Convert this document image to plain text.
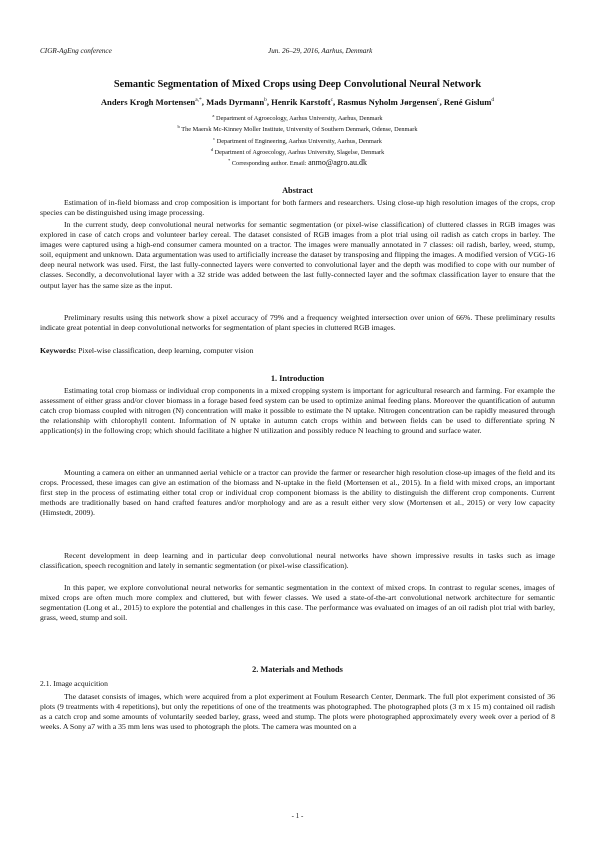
CIGR-AgEng conference	Jun. 26–29, 2016, Aarhus, Denmark
Semantic Segmentation of Mixed Crops using Deep Convolutional Neural Network
Anders Krogh Mortensen$^{a,*}$, Mads Dyrmann$^b$, Henrik Karstoft$^c$, Rasmus Nyholm Jørgensen$^c$, René Gislum$^d$
$^a$ Department of Agroecology, Aarhus University, Aarhus, Denmark
$^b$ The Maersk Mc-Kinney Moller Institute, University of Southern Denmark, Odense, Denmark
$^c$ Department of Engineering, Aarhus University, Aarhus, Denmark
$^d$ Department of Agroecology, Aarhus University, Slagelse, Denmark
* Corresponding author. Email: anmo@agro.au.dk
Abstract

Estimation of in-field biomass and crop composition is important for both farmers and researchers. Using close-up high resolution images of the crops, crop species can be distinguished using image processing.

In the current study, deep convolutional neural networks for semantic segmentation (or pixel-wise classification) of cluttered classes in RGB images was explored in case of catch crops and volunteer barley cereal. The dataset consisted of RGB images from a plot trial using oil radish as catch crops in barley. The images were captured using a high-end consumer camera mounted on a tractor. The images were manually annotated in 7 classes: oil radish, barley, weed, stump, soil, equipment and unknown. Data argumentation was used to artificially increase the dataset by transposing and flipping the images. A modified version of VGG-16 deep neural network was used. First, the last fully-connected layers were converted to convolutional layer and the depth was modified to cope with our number of classes. Secondly, a deconvolutional layer with a 32 stride was added between the last fully-connected layer and the softmax classification layer to ensure that the output layer has the same size as the input.

Preliminary results using this network show a pixel accuracy of 79% and a frequency weighted intersection over union of 66%. These preliminary results indicate great potential in deep convolutional networks for segmentation of plant species in cluttered RGB images.

Keywords: Pixel-wise classification, deep learning, computer vision
1. Introduction

Estimating total crop biomass or individual crop components in a mixed cropping system is important for agricultural research and farming. For example the assessment of either grass and/or clover biomass in a forage based feed system can be used to optimize animal feeding plans. Moreover the quantification of autumn catch crop biomass coupled with nitrogen (N) concentration will make it possible to estimate the N uptake. Nitrogen concentration can be rapidly measured through the relationship with chlorophyll content. Information of N uptake in autumn catch crops within and between fields can be used to differentiate spring N application(s) in the following crop; which should facilitate a higher N utilization and possibly reduce N leaching to ground and surface water.

Mounting a camera on either an unmanned aerial vehicle or a tractor can provide the farmer or researcher high resolution close-up images of the field and its crops. Processed, these images can give an estimation of the biomass and N-uptake in the field (Mortensen et al., 2015). In a field with mixed crops, an important first step in the process of estimating either total crop or individual crop component biomass is the ability to distinguish the different crop components. Current methods are traditionally based on hand crafted features and/or morphology and are as a result either very slow (Mortensen et al., 2015) or very low capacity (Himstedt, 2009).

Recent development in deep learning and in particular deep convolutional neural networks have shown impressive results in tasks such as image classification, speech recognition and lately in semantic segmentation (or pixel-wise classification).

In this paper, we explore convolutional neural networks for semantic segmentation in the context of mixed crops. In contrast to regular scenes, images of mixed crops are often much more complex and cluttered, but with fewer classes. We used a state-of-the-art convolutional network architecture for semantic segmentation (Long et al., 2015) to explore the potential and challenges in this case. The performance was evaluated on images of an oil radish plot trial with barley, grass, weed, stump and soil.

2. Materials and Methods
2.1. Image acquicition

The dataset consists of images, which were acquired from a plot experiment at Foulum Research Center, Denmark. The full plot experiment consisted of 36 plots (9 treatments with 4 repetitions), but only the repetitions of one of the treatments was photographed. The photographed plots (3 m x 15 m) contained oil radish as a catch crop and some amounts of voluntarily seeded barley, grass, weed and stump. The plots were photographed approximately every week over a period of 8 weeks. A Sony a7 with a 35 mm lens was used to photograph the plots. The camera was mounted on a

- 1 -
